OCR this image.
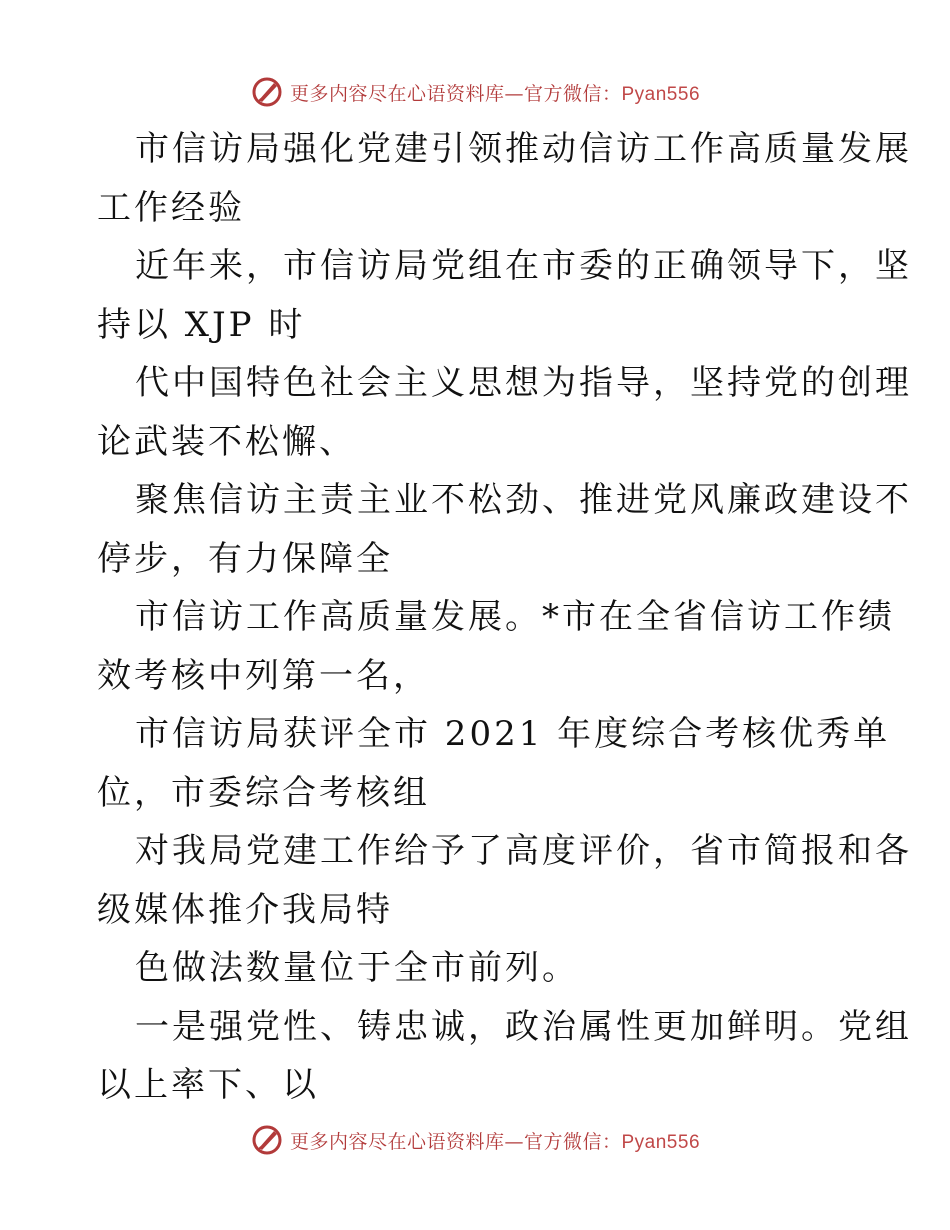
更多内容尽在心语资料库—官方微信：Pyan556
市信访局强化党建引领推动信访工作高质量发展
工作经验
近年来，市信访局党组在市委的正确领导下，坚
持以 XJP 时
代中国特色社会主义思想为指导，坚持党的创理
论武装不松懈、
聚焦信访主责主业不松劲、推进党风廉政建设不
停步，有力保障全
市信访工作高质量发展。*市在全省信访工作绩
效考核中列第一名，
市信访局获评全市 2021 年度综合考核优秀单
位，市委综合考核组
对我局党建工作给予了高度评价，省市简报和各
级媒体推介我局特
色做法数量位于全市前列。
一是强党性、铸忠诚，政治属性更加鲜明。党组
以上率下、以
更多内容尽在心语资料库—官方微信：Pyan556
